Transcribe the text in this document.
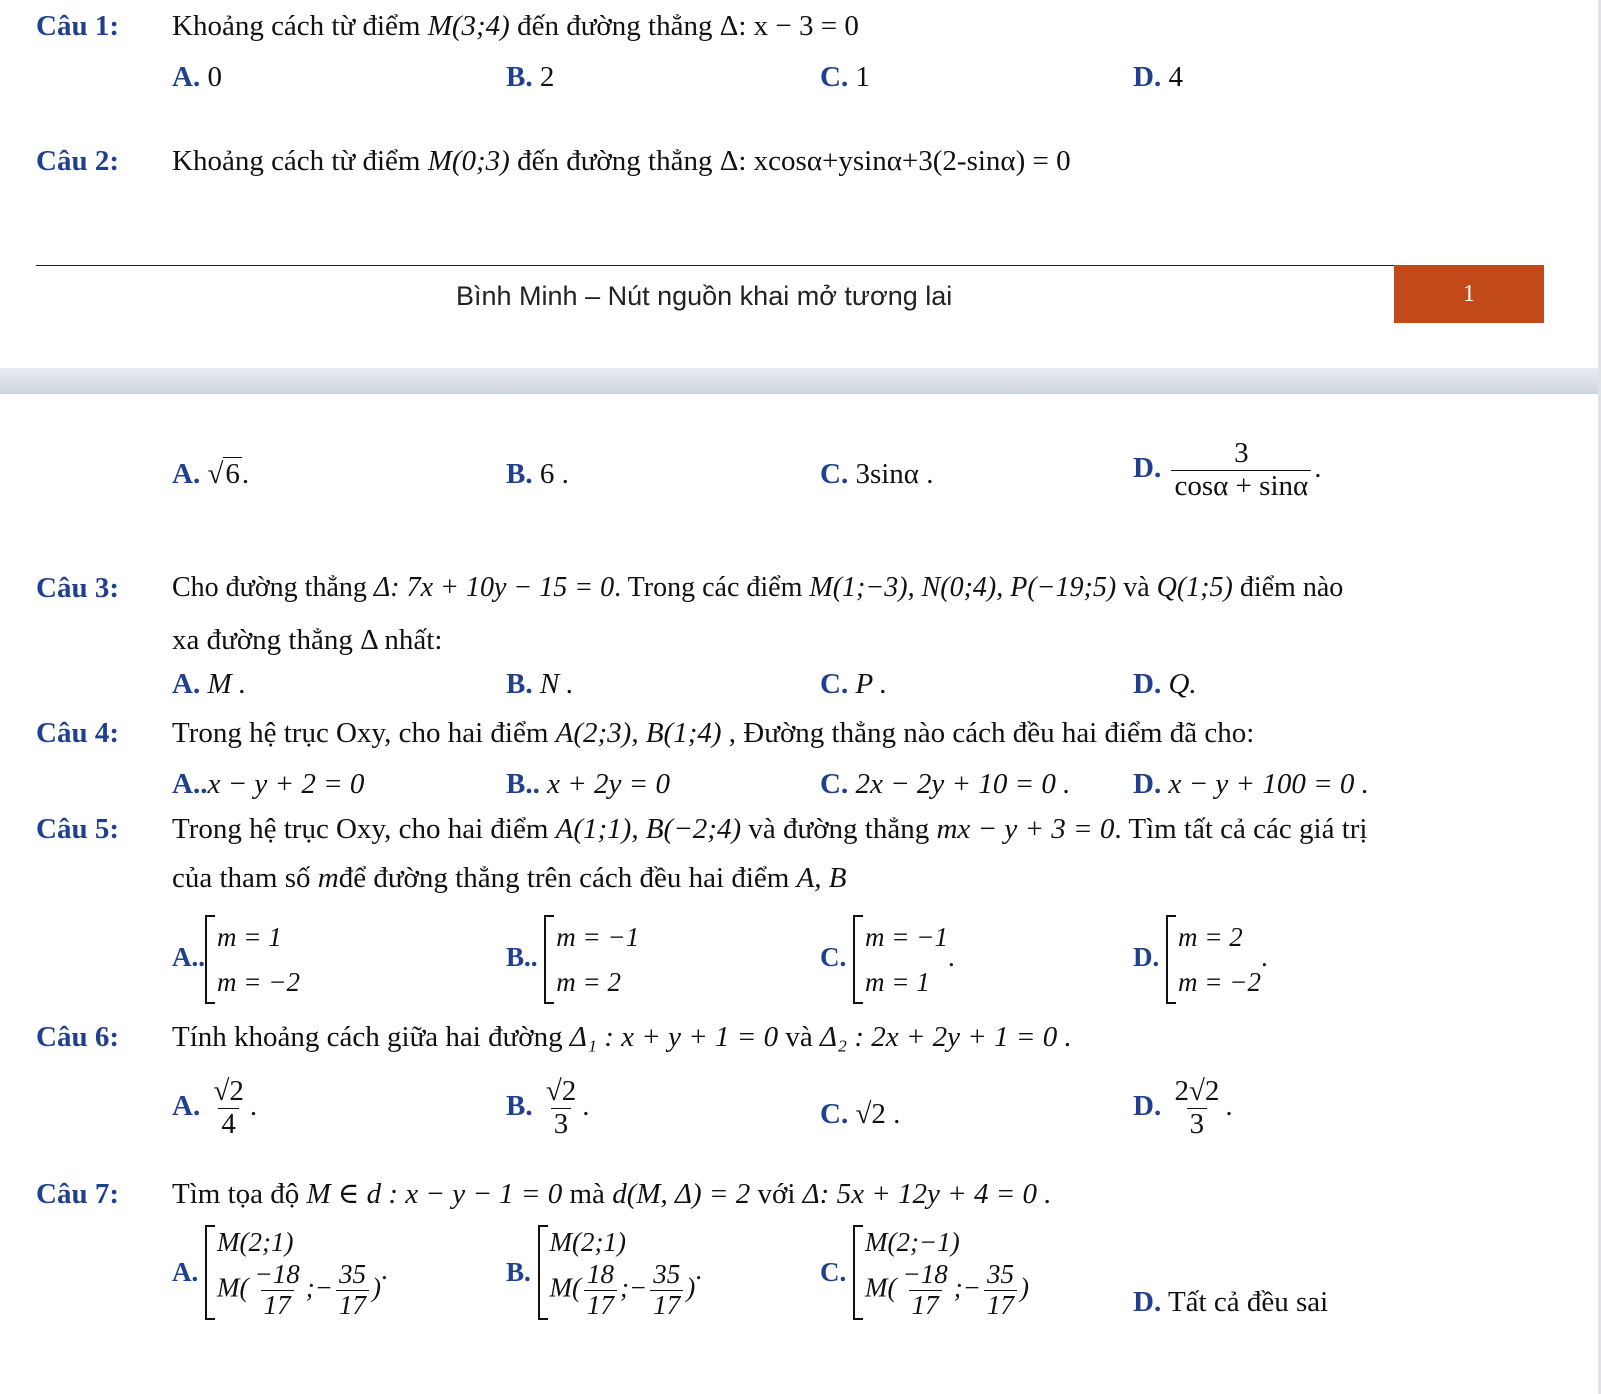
Câu 1: Khoảng cách từ điểm M(3;4) đến đường thẳng Δ: x − 3 = 0
A. 0	B. 2	C. 1	D. 4
Câu 2: Khoảng cách từ điểm M(0;3) đến đường thẳng Δ: xcosα+ysinα+3(2-sinα) = 0
Bình Minh – Nút nguồn khai mở tương lai	1
A. √6.	B. 6 .	C. 3sinα .	D. $\frac{3}{\cos\alpha + \sin\alpha}$ .
Câu 3: Cho đường thẳng Δ: 7x + 10y − 15 = 0. Trong các điểm M(1;−3), N(0;4), P(−19;5) và Q(1;5) điểm nào
xa đường thẳng Δ nhất:
A. M .	B. N .	C. P .	D. Q.
Câu 4: Trong hệ trục Oxy, cho hai điểm A(2;3), B(1;4) , Đường thẳng nào cách đều hai điểm đã cho:
A..x − y + 2 = 0	B.. x + 2y = 0	C. 2x − 2y + 10 = 0 . D. x − y + 100 = 0 .
Câu 5: Trong hệ trục Oxy, cho hai điểm A(1;1), B(−2;4) và đường thẳng mx − y + 3 = 0. Tìm tất cả các giá trị
của tham số mđể đường thẳng trên cách đều hai điểm A, B
A..
m = 1
m = −2
B..
m = −1
m = 2
C.
m = −1
m = 1
.	D.
m = 2
m = −2
.
Câu 6: Tính khoảng cách giữa hai đường Δ₁ : x + y + 1 = 0 và Δ₂ : 2x + 2y + 1 = 0 .
A. $\frac{√2}{4}$ .	B. $\frac{√2}{3}$ .	C. √2 .	D. $\frac{2√2}{3}$ .
Câu 7: Tìm tọa độ M ∈ d : x − y − 1 = 0 mà d(M, Δ) = 2 với Δ: 5x + 12y + 4 = 0 .
A.
M(2;1)
$M( \frac{-18}{17}$ ;− $\frac{35}{17}$ )
.	B.
M(2;1)
$M( \frac{18}{17}$ ;− $\frac{35}{17}$ )
.	C.
M(2;−1)
$M( \frac{-18}{17}$ ;− $\frac{35}{17}$ )	D. Tất cả đều sai
